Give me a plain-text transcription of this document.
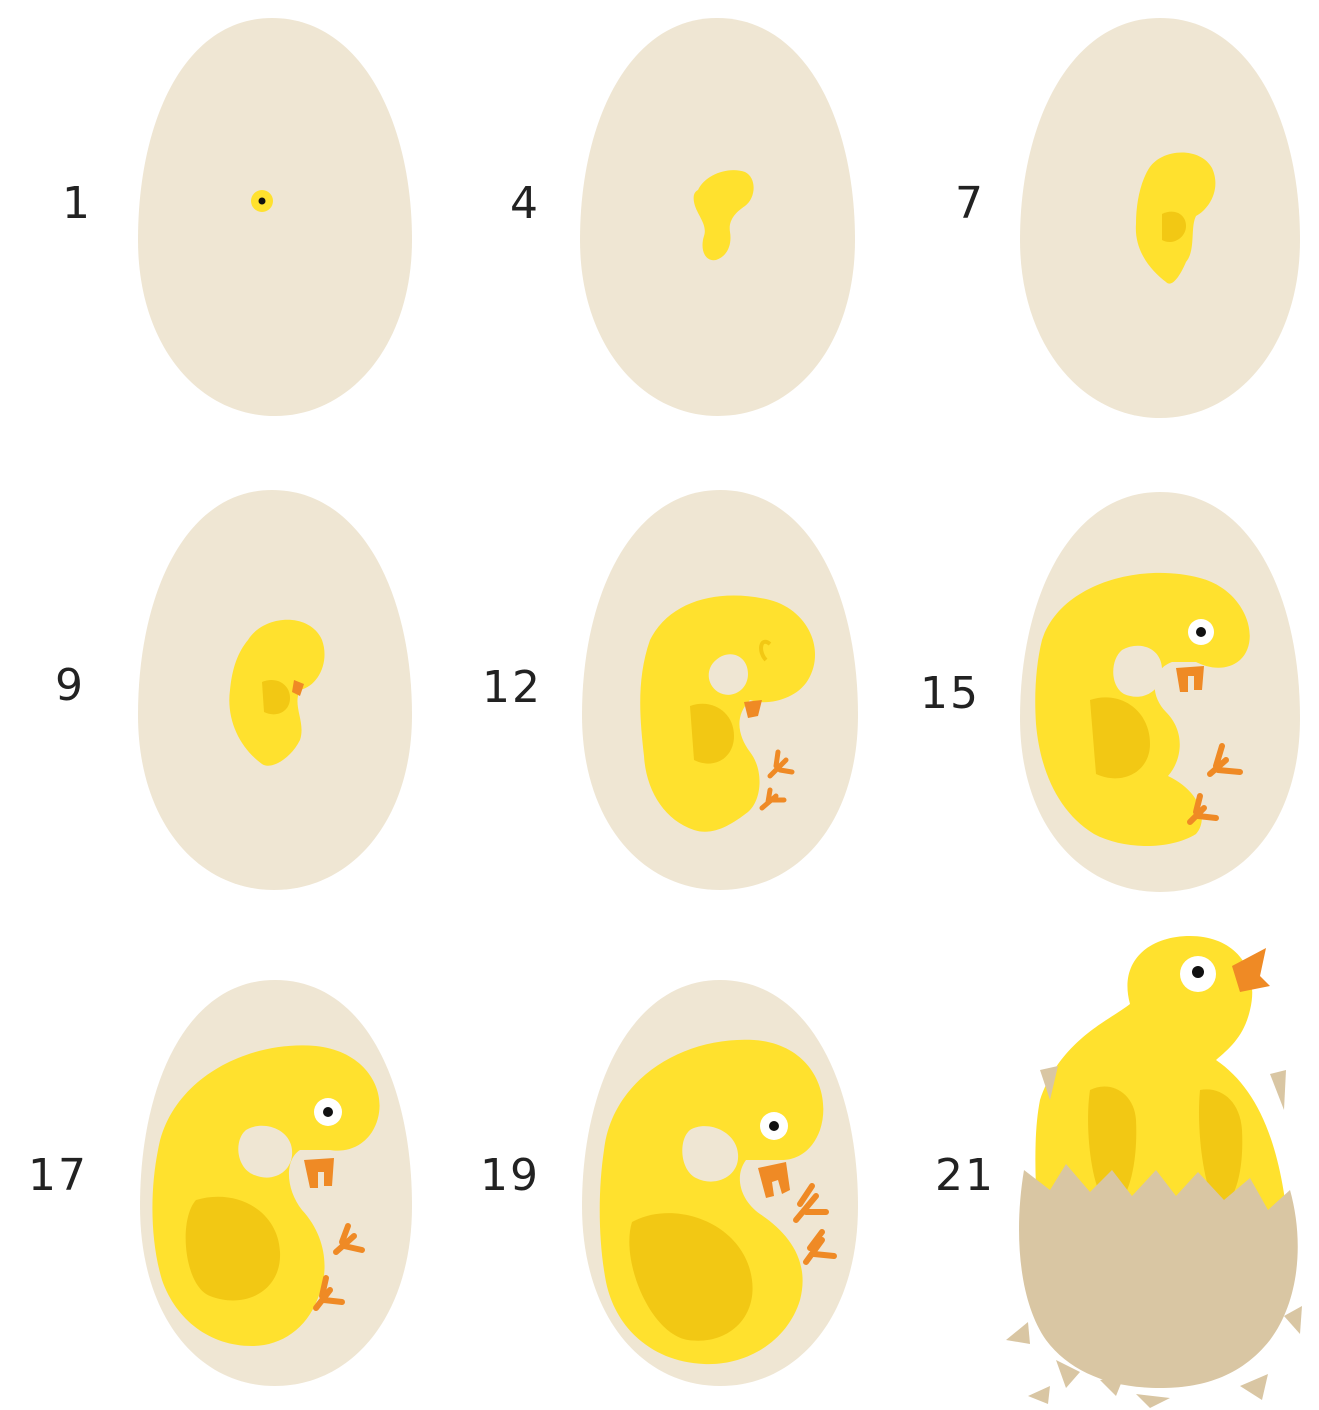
1	4	7
9	12	15
17	19	21
